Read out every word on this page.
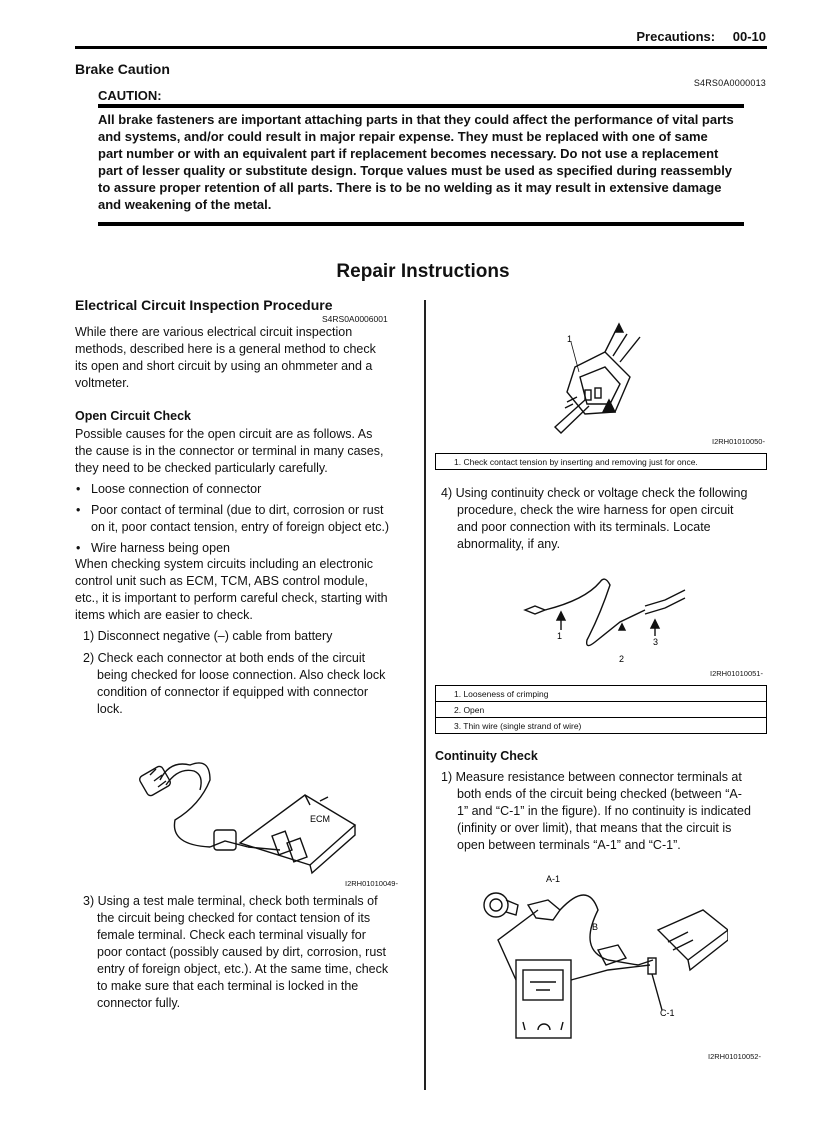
Precautions: 00-10
Brake Caution
S4RS0A0000013
CAUTION:
All brake fasteners are important attaching parts in that they could affect the performance of vital parts
and systems, and/or could result in major repair expense. They must be replaced with one of same
part number or with an equivalent part if replacement becomes necessary. Do not use a replacement
part of lesser quality or substitute design. Torque values must be used as specified during reassembly
to assure proper retention of all parts. There is to be no welding as it may result in extensive damage
and weakening of the metal.
Repair Instructions
Electrical Circuit Inspection Procedure
S4RS0A0006001
While there are various electrical circuit inspection
methods, described here is a general method to check
its open and short circuit by using an ohmmeter and a
voltmeter.
Open Circuit Check
Possible causes for the open circuit are as follows. As
the cause is in the connector or terminal in many cases,
they need to be checked particularly carefully.
• Loose connection of connector
• Poor contact of terminal (due to dirt, corrosion or rust
on it, poor contact tension, entry of foreign object etc.)
• Wire harness being open
When checking system circuits including an electronic
control unit such as ECM, TCM, ABS control module,
etc., it is important to perform careful check, starting with
items which are easier to check.
1) Disconnect negative (–) cable from battery
2) Check each connector at both ends of the circuit
being checked for loose connection. Also check lock
condition of connector if equipped with connector
lock.
ECM
I2RH01010049-
3) Using a test male terminal, check both terminals of
the circuit being checked for contact tension of its
female terminal. Check each terminal visually for
poor contact (possibly caused by dirt, corrosion, rust
entry of foreign object, etc.). At the same time, check
to make sure that each terminal is locked in the
connector fully.
1
I2RH01010050-
1. Check contact tension by inserting and removing just for once.
4) Using continuity check or voltage check the following
procedure, check the wire harness for open circuit
and poor connection with its terminals. Locate
abnormality, if any.
1
2
3
I2RH01010051-
1. Looseness of crimping
2. Open
3. Thin wire (single strand of wire)
Continuity Check
1) Measure resistance between connector terminals at
both ends of the circuit being checked (between “A-
1” and “C-1” in the figure). If no continuity is indicated
(infinity or over limit), that means that the circuit is
open between terminals “A-1” and “C-1”.
A-1
B
C-1
I2RH01010052-
